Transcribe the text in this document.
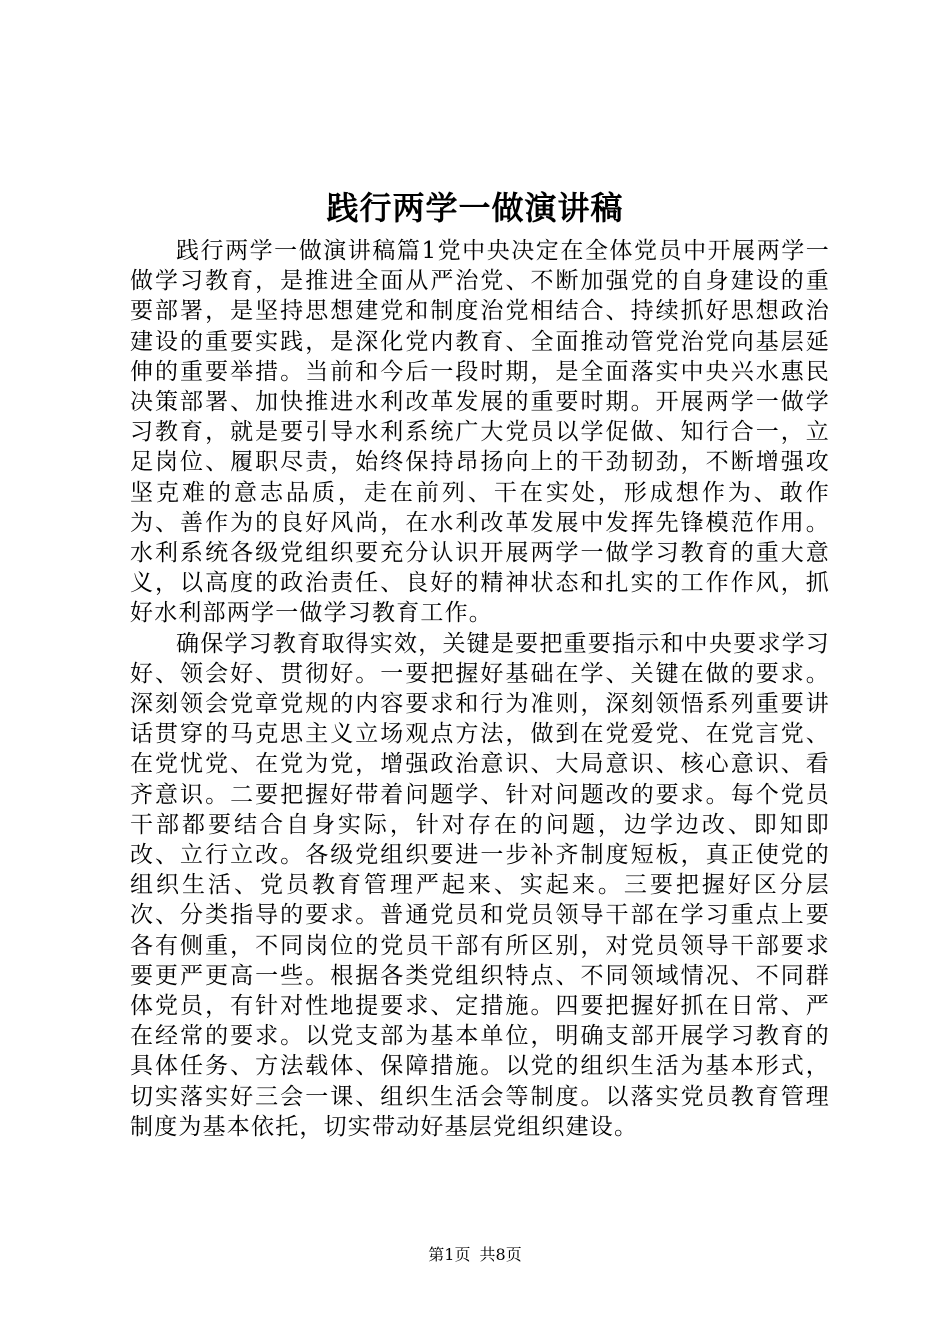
践行两学一做演讲稿

践行两学一做演讲稿篇1党中央决定在全体党员中开展两学一做学习教育，是推进全面从严治党、不断加强党的自身建设的重要部署，是坚持思想建党和制度治党相结合、持续抓好思想政治建设的重要实践，是深化党内教育、全面推动管党治党向基层延伸的重要举措。当前和今后一段时期，是全面落实中央兴水惠民决策部署、加快推进水利改革发展的重要时期。开展两学一做学习教育，就是要引导水利系统广大党员以学促做、知行合一，立足岗位、履职尽责，始终保持昂扬向上的干劲韧劲，不断增强攻坚克难的意志品质，走在前列、干在实处，形成想作为、敢作为、善作为的良好风尚，在水利改革发展中发挥先锋模范作用。水利系统各级党组织要充分认识开展两学一做学习教育的重大意义，以高度的政治责任、良好的精神状态和扎实的工作作风，抓好水利部两学一做学习教育工作。

确保学习教育取得实效，关键是要把重要指示和中央要求学习好、领会好、贯彻好。一要把握好基础在学、关键在做的要求。深刻领会党章党规的内容要求和行为准则，深刻领悟系列重要讲话贯穿的马克思主义立场观点方法，做到在党爱党、在党言党、在党忧党、在党为党，增强政治意识、大局意识、核心意识、看齐意识。二要把握好带着问题学、针对问题改的要求。每个党员干部都要结合自身实际，针对存在的问题，边学边改、即知即改、立行立改。各级党组织要进一步补齐制度短板，真正使党的组织生活、党员教育管理严起来、实起来。三要把握好区分层次、分类指导的要求。普通党员和党员领导干部在学习重点上要各有侧重，不同岗位的党员干部有所区别，对党员领导干部要求要更严更高一些。根据各类党组织特点、不同领域情况、不同群体党员，有针对性地提要求、定措施。四要把握好抓在日常、严在经常的要求。以党支部为基本单位，明确支部开展学习教育的具体任务、方法载体、保障措施。以党的组织生活为基本形式，切实落实好三会一课、组织生活会等制度。以落实党员教育管理制度为基本依托，切实带动好基层党组织建设。

第1页 共8页
